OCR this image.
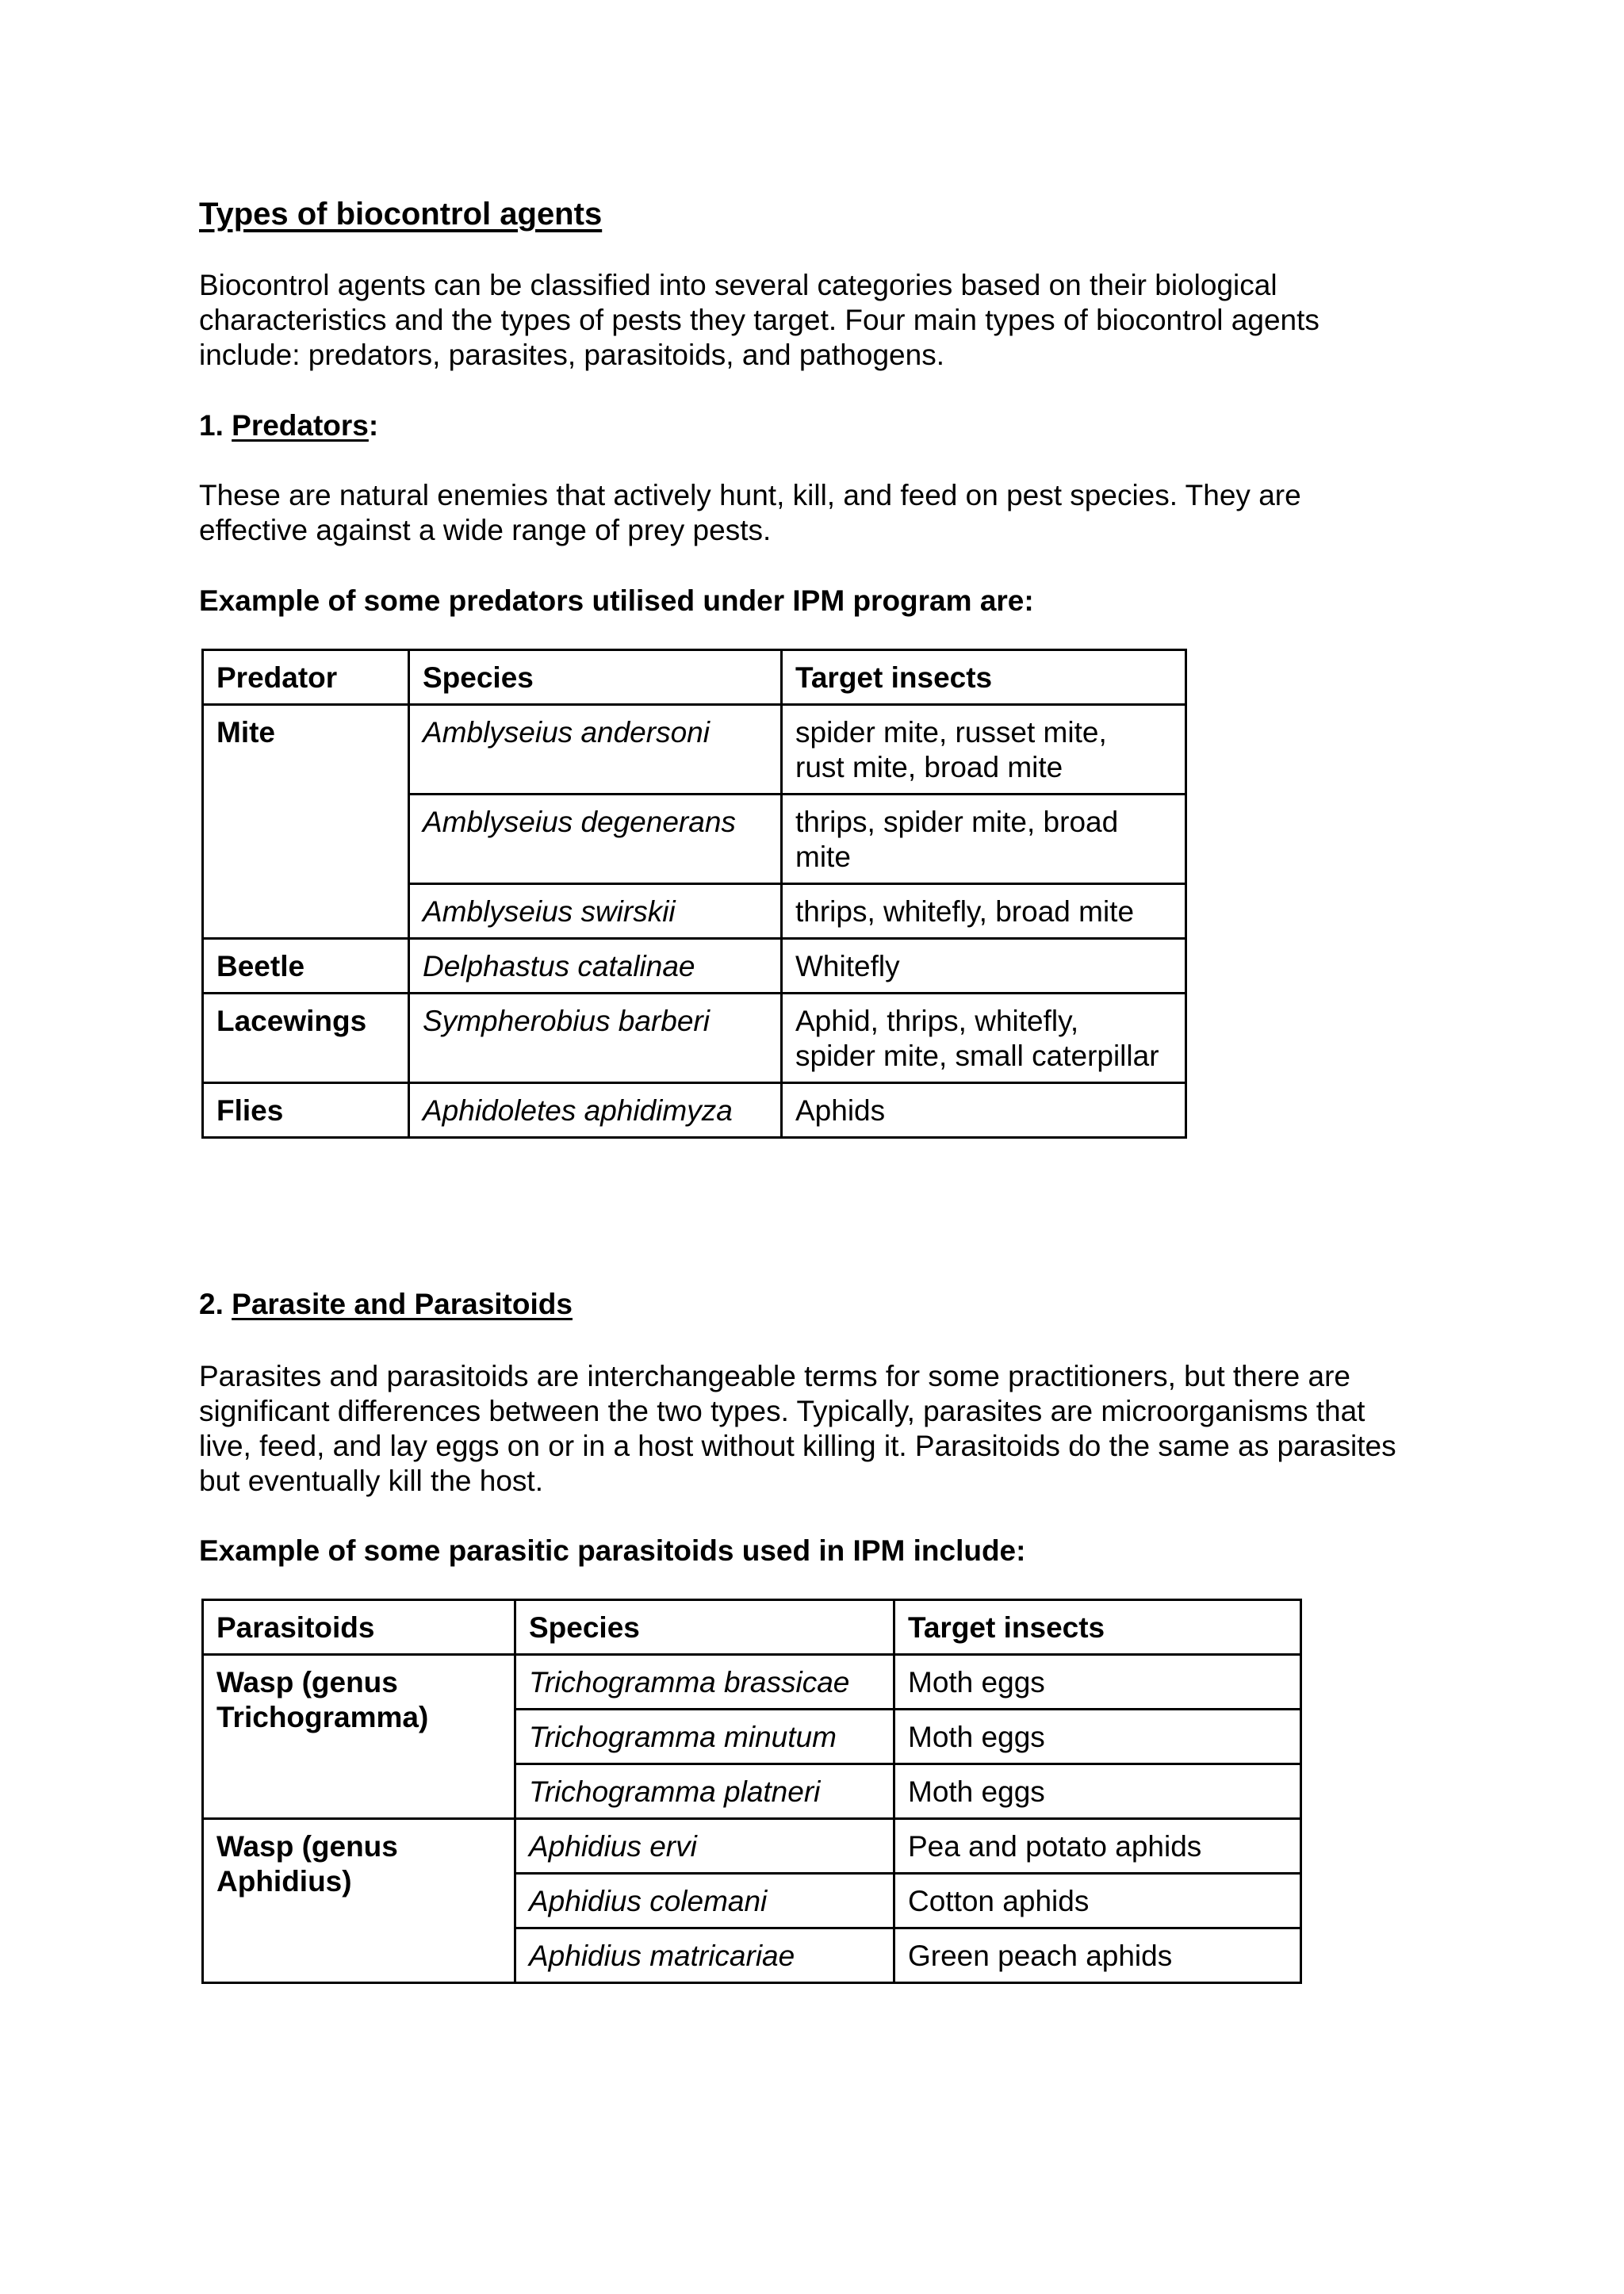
Types of biocontrol agents

Biocontrol agents can be classified into several categories based on their biological
characteristics and the types of pests they target. Four main types of biocontrol agents
include: predators, parasites, parasitoids, and pathogens.

1. Predators:

These are natural enemies that actively hunt, kill, and feed on pest species. They are
effective against a wide range of prey pests.

Example of some predators utilised under IPM program are:
Predator	Species	Target insects

Mite	Amblyseius andersoni	spider mite, russet mite,
rust mite, broad mite

	Amblyseius degenerans	thrips, spider mite, broad
mite

	Amblyseius swirskii	thrips, whitefly, broad mite

Beetle	Delphastus catalinae	Whitefly

Lacewings	Sympherobius barberi	Aphid, thrips, whitefly,
spider mite, small caterpillar

Flies	Aphidoletes aphidimyza	Aphids
2. Parasite and Parasitoids

Parasites and parasitoids are interchangeable terms for some practitioners, but there are
significant differences between the two types. Typically, parasites are microorganisms that
live, feed, and lay eggs on or in a host without killing it. Parasitoids do the same as parasites
but eventually kill the host.

Example of some parasitic parasitoids used in IPM include:
Parasitoids	Species	Target insects

Wasp (genus
Trichogramma)	Trichogramma brassicae	Moth eggs

	Trichogramma minutum	Moth eggs

	Trichogramma platneri	Moth eggs

Wasp (genus
Aphidius)	Aphidius ervi	Pea and potato aphids

	Aphidius colemani	Cotton aphids

	Aphidius matricariae	Green peach aphids
